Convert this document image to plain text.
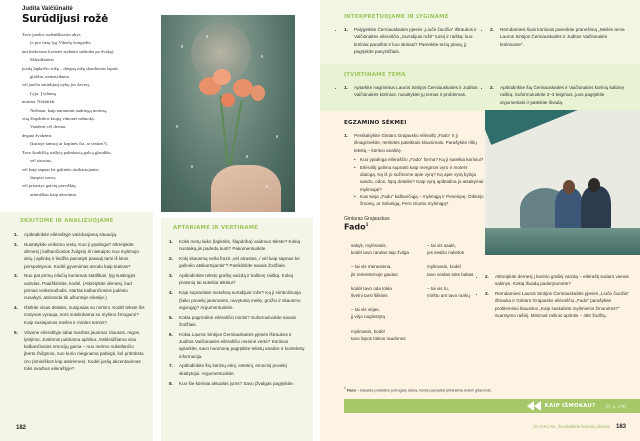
Judita Vaičiūnaitė
Surūdijusi rožė
Tavo juodos rudeniškosios akys
(o pro lietų lyg Vilnelę švaigėdės
unt kiekvieno kavinės staliuko sušimba po žvakę).
Skleidžiantis
juodą lapkričio rožę – drėgną rožę skardiniais lapais
girdžiu, nematydama
vėl jaučiu surūdijusį nykų jos žavesį.
Lyja. Į tylumą
nurima. Nežiūrėk.
Nežinau, kaip nuraminti audringą norimą,
visą šlapdribos krupą vilnonei nišmoky.
Vandens vėl derina,
degant žvakėms
(kurioje tamsoj ar kapinės čia, ar teatras?).
Tavo šiurkščią sušlytą palinkusią galvą glaudžiu,
vėl strosius,
vėl kaip sapnas be galinėio atsikartojantis,
šiurpiai savos,
vėl prisertys gatvių praviškių,
artimiškas kaip ukorimas.
SKAITOME IR ANALIZUOJAME
1. Apibūdinkite eilėraštyje vaizduojamą situaciją.
2. Nustatykite veiksmo vietą. Kuo ji ypatinga? Atkreipkite dėmesį į kalbančiosios žvilgsnį iš niekaipto nuo mylimojo akių į aplinką ir leidžia pamatyti pasaulį tarsi iš kitos perspektyvos. Kodėl gyvenimas atrodo kaip teatras?
3. Nuo pat pirmų eilučių kuriamas statiškas, lyg sustingęs vaizdas. Paaiškinkite, kodėl. (Atkreipkite dėmesį, kad pirmas veiksmažodis, startas kalbančiosios judėsio nusakyti, atsiranda tik aštuntoje eilutėje.)
4. Ištirkite visas detales, susijusias su mirtimi. Kodėl tekste šis motyvas vyrauja, nors susitinkama su mylimu žmogumi? Kaip susiejamos meilės ir mirties temos?
5. Visame eilėraštyje labai svarbūs jausmai: klausos, regos, lytėjimo. Juslėmis patiriama aplinka. Atskleidžiama visa kalbančiosios emocijų gama – nuo nerimo suketlančio jberto žvilgsnio, nuo kurio mėginama pabėgti, kol pritrūksta oro (eminiškos kop atsirėmes). Kodėl juslių akcentavimas toks svarbus eilėraštyje?
182
APTARIAME IR VERTINAME
1. Koks metų laiko (lapkritis, šlapdriba) vaidmuo tekste? Kokią nuotaiką jis padeda kurti? Pakomentuokite.
2. Kokį skausmą neša frazė „vėl atrastas, / vėl kaip sapnas be galinėio atsikartojantis“? Pasiklinkite savais žodžiais.
3. Apibūdinkite teksto grafinį vaizdą ir kalbinę raišką. Kokių prasmių tai suteikia tekstui?
4. Kaip suprantate metaforą surūdijusi rožė? Ką ji simbolizuoja (laiko poveikį jausmams, nuvytusią meilę, grožio ir skausmo sąjungą)? Argumentuokite.
5. Kokia pagrindinė eilėraščio mintis? Suformuluokite savais žodžiais.
6. Kokia Lauros Sintijos Černiauskaitės pjesės ištraukos ir Juditos Vaičiūnaitės eilėraščio meninė vertė? Kūrinius aptarkite, savo nuomonę pagrįskite tekstų analize ir kontekstų informacija.
7. Apibūdinkite šių kūrinių etinį, estetinį, emocinį poveikį skaitytojui. Argumentuokite.
8. Kuo šie kūriniai aktualūs jums? Savo įžvalgas pagrįskite.
INTERPRETUOJAME IR LYGINAME
• 1. Palyginkite Černiauskaitės pjesės „Liučė čiuožia“ ištraukos ir Vaičiūnaitės eilėraščio „Surūdijusi rožė“ turinį ir raišką: kuo kūriniai panašūs ir kuo skiriasi? Parenkite tezių planą, jį pagrįskite pavyzdžiais.
• 2. Remdamiesi šiais kūriniais parenkite pranešimą „Meilės tema Lauros Sintijos Černiauskaitės ir Juditos Vaičiūnaitės kūriniuose“.
ĮTVIRTINAME TEMĄ
• 1. Aptarkite nagrinėtus Lauros Sintijos Černiauskaitės ir Juditos Vaičiūnaitės kūrinius: nusakykite jų temas ir problemas.
• 2. Apibūdinkite šių Černiauskaitės ir Vaičiūnaitės kūrinių kalbinę raišką. Suformuluokite 2–3 teiginius, juos pagrįskite argumentais ir pateikite išvadą.
EGZAMINO SĖKMEI
1. Perskaitykite Gintaro Grajausko eilėraštį „Fado“ ir jį išnagrinėkite, remkitės pateiktais klausimais. Parašykite rišlų tekstą – kūrinio analizę.
• Kuo ypatinga eilėraščio „Fado“ forma? Ką ji suteikia kūriniui?
• Eilėraštį galima suprasti kaip merginos vyro ir moters dialogą. Ką iš jo sužinome apie vyrą? Ką apie vyrą byloja sando, odos, lūpų detalės? Kaip vyrą apibūdina jo atsakymai mylimajai?
• Kas sieja „Fado“ kalbančiąją – mylimąją ir Penelopę, Odisėjo žmoną, ar Solveigą, Pero Giunto mylimąją?
Gintaras Grajauskas
Fado$^1$
sakyk, mylimasis,
kodėl tavo randas taip žvilga
– tai vis mėnesiena,
jis mėnesienoje gautas
kodėl tavo oda tokia
švelni tarsi šilkinis
– tai vis vėjas,
jį vėjo nuglostytą
mylimasis, kodėl
tavo lūpos tokios raudonos
– tai vis saulė,
jos sesilio nulietos
mylimasis, kodėl
tavo veidas toks baltas
– tai vis tu,
mirštu ant tavo rankų
• 2. Atkreipkite dėmesį į kūrinio grafinį vaizdą – eilėraštį sudaro vienas sakinys. Kokią išvadą padarytumėte?
• 3. Remdamiesi Lauros Sintijos Černiauskaitės pjesės „Liučė čiuožia“ ištrauka ir Gintaro Grajausko eilėraščiu „Fado“ parašykite probleminio klausimo „Kaip suskaliinti mylimiems žmonėms?“ svarstymo rašinį. Minimali rašinio apimtis – 450 žodžių.
$^1$ Fado – baladės pobūdžio portugalų daina, kuriai paprastai pritariama dviem gitaromis.
KAIP IŠMOKAU? (žr. p. 178)
IX CIKLAS. Šiuolaikinė lietuvių drama 183
